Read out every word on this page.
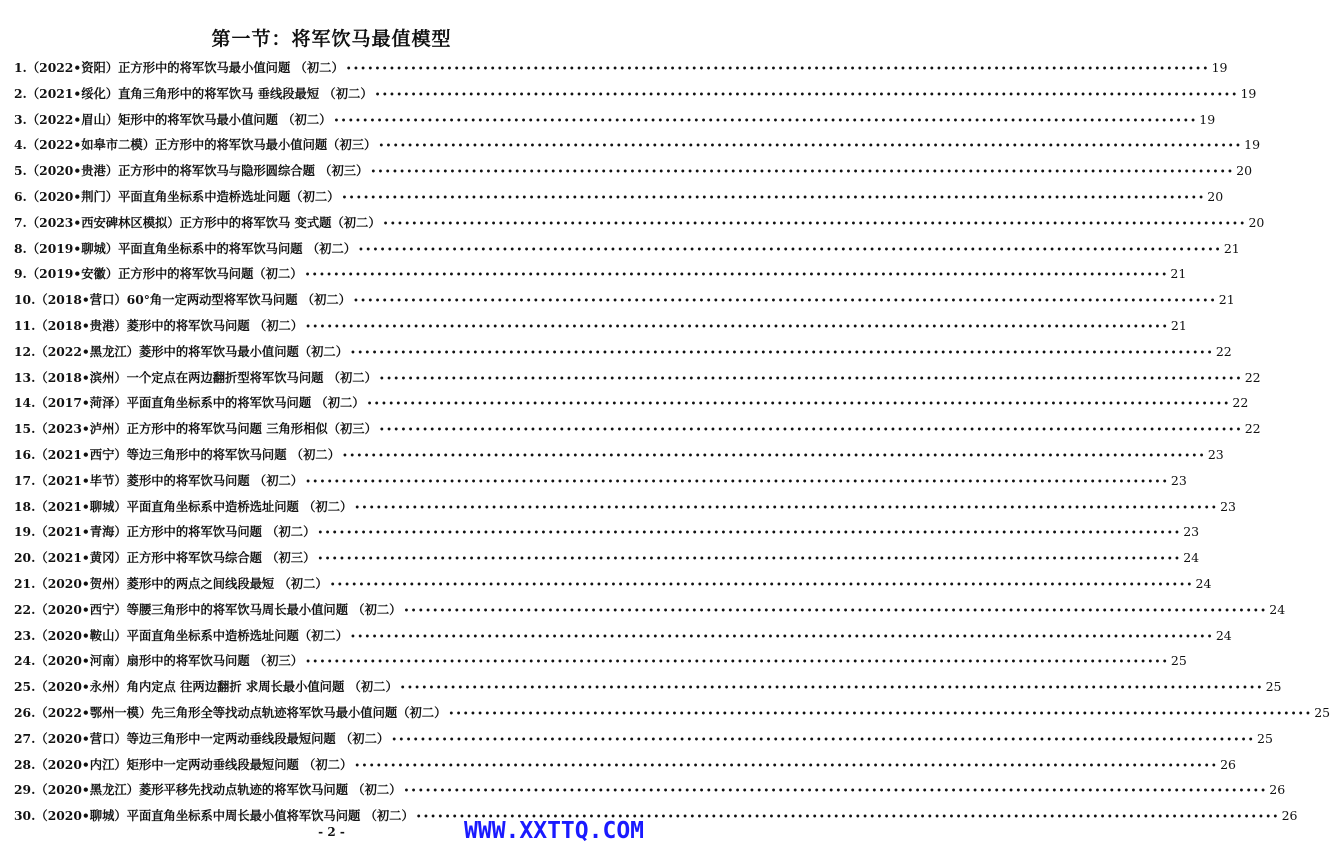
第一节：将军饮马最值模型
1.（2022•资阳）正方形中的将军饮马最小值问题 （初二） •••••••••••••••••••••••••••••••••••••••••••••••••••••••••••••••••••••••••••••••••••••••••••••••••••••••••••••••••••••••• 19
2.（2021•绥化）直角三角形中的将军饮马 垂线段最短 （初二） •••••••••••••••••••••••••••••••••••••••••••••••••••••••••••••••••••••••••••••••••••••••••••••••••••••••••••••••••••••••• 19
3.（2022•眉山）矩形中的将军饮马最小值问题 （初二） •••••••••••••••••••••••••••••••••••••••••••••••••••••••••••••••••••••••••••••••••••••••••••••••••••••••••••••••••••••••• 19
4.（2022•如皋市二模）正方形中的将军饮马最小值问题（初三） •••••••••••••••••••••••••••••••••••••••••••••••••••••••••••••••••••••••••••••••••••••••••••••••••••••••••••••••••••••••• 19
5.（2020•贵港）正方形中的将军饮马与隐形圆综合题 （初三） •••••••••••••••••••••••••••••••••••••••••••••••••••••••••••••••••••••••••••••••••••••••••••••••••••••••••••••••••••••••• 20
6.（2020•荆门）平面直角坐标系中造桥选址问题（初二） •••••••••••••••••••••••••••••••••••••••••••••••••••••••••••••••••••••••••••••••••••••••••••••••••••••••••••••••••••••••• 20
7.（2023•西安碑林区模拟）正方形中的将军饮马 变式题（初二） •••••••••••••••••••••••••••••••••••••••••••••••••••••••••••••••••••••••••••••••••••••••••••••••••••••••••••••••••••••••• 20
8.（2019•聊城）平面直角坐标系中的将军饮马问题 （初二） •••••••••••••••••••••••••••••••••••••••••••••••••••••••••••••••••••••••••••••••••••••••••••••••••••••••••••••••••••••••• 21
9.（2019•安徽）正方形中的将军饮马问题（初二） •••••••••••••••••••••••••••••••••••••••••••••••••••••••••••••••••••••••••••••••••••••••••••••••••••••••••••••••••••••••• 21
10.（2018•营口）60°角一定两动型将军饮马问题 （初二） •••••••••••••••••••••••••••••••••••••••••••••••••••••••••••••••••••••••••••••••••••••••••••••••••••••••••••••••••••••••• 21
11.（2018•贵港）菱形中的将军饮马问题 （初二） •••••••••••••••••••••••••••••••••••••••••••••••••••••••••••••••••••••••••••••••••••••••••••••••••••••••••••••••••••••••• 21
12.（2022•黑龙江）菱形中的将军饮马最小值问题（初二） •••••••••••••••••••••••••••••••••••••••••••••••••••••••••••••••••••••••••••••••••••••••••••••••••••••••••••••••••••••••• 22
13.（2018•滨州）一个定点在两边翻折型将军饮马问题 （初二） •••••••••••••••••••••••••••••••••••••••••••••••••••••••••••••••••••••••••••••••••••••••••••••••••••••••••••••••••••••••• 22
14.（2017•菏泽）平面直角坐标系中的将军饮马问题 （初二） •••••••••••••••••••••••••••••••••••••••••••••••••••••••••••••••••••••••••••••••••••••••••••••••••••••••••••••••••••••••• 22
15.（2023•泸州）正方形中的将军饮马问题 三角形相似（初三） •••••••••••••••••••••••••••••••••••••••••••••••••••••••••••••••••••••••••••••••••••••••••••••••••••••••••••••••••••••••• 22
16.（2021•西宁）等边三角形中的将军饮马问题 （初二） •••••••••••••••••••••••••••••••••••••••••••••••••••••••••••••••••••••••••••••••••••••••••••••••••••••••••••••••••••••••• 23
17.（2021•毕节）菱形中的将军饮马问题 （初二） •••••••••••••••••••••••••••••••••••••••••••••••••••••••••••••••••••••••••••••••••••••••••••••••••••••••••••••••••••••••• 23
18.（2021•聊城）平面直角坐标系中造桥选址问题 （初二） •••••••••••••••••••••••••••••••••••••••••••••••••••••••••••••••••••••••••••••••••••••••••••••••••••••••••••••••••••••••• 23
19.（2021•青海）正方形中的将军饮马问题 （初二） •••••••••••••••••••••••••••••••••••••••••••••••••••••••••••••••••••••••••••••••••••••••••••••••••••••••••••••••••••••••• 23
20.（2021•黄冈）正方形中将军饮马综合题 （初三） •••••••••••••••••••••••••••••••••••••••••••••••••••••••••••••••••••••••••••••••••••••••••••••••••••••••••••••••••••••••• 24
21.（2020•贺州）菱形中的两点之间线段最短 （初二） •••••••••••••••••••••••••••••••••••••••••••••••••••••••••••••••••••••••••••••••••••••••••••••••••••••••••••••••••••••••• 24
22.（2020•西宁）等腰三角形中的将军饮马周长最小值问题 （初二） •••••••••••••••••••••••••••••••••••••••••••••••••••••••••••••••••••••••••••••••••••••••••••••••••••••••••••••••••••••••• 24
23.（2020•鞍山）平面直角坐标系中造桥选址问题（初二） •••••••••••••••••••••••••••••••••••••••••••••••••••••••••••••••••••••••••••••••••••••••••••••••••••••••••••••••••••••••• 24
24.（2020•河南）扇形中的将军饮马问题 （初三） •••••••••••••••••••••••••••••••••••••••••••••••••••••••••••••••••••••••••••••••••••••••••••••••••••••••••••••••••••••••• 25
25.（2020•永州）角内定点 往两边翻折 求周长最小值问题 （初二） •••••••••••••••••••••••••••••••••••••••••••••••••••••••••••••••••••••••••••••••••••••••••••••••••••••••••••••••••••••••• 25
26.（2022•鄂州一模）先三角形全等找动点轨迹将军饮马最小值问题（初二） •••••••••••••••••••••••••••••••••••••••••••••••••••••••••••••••••••••••••••••••••••••••••••••••••••••••••••••••••••••••• 25
27.（2020•营口）等边三角形中一定两动垂线段最短问题 （初二） •••••••••••••••••••••••••••••••••••••••••••••••••••••••••••••••••••••••••••••••••••••••••••••••••••••••••••••••••••••••• 25
28.（2020•内江）矩形中一定两动垂线段最短问题 （初二） •••••••••••••••••••••••••••••••••••••••••••••••••••••••••••••••••••••••••••••••••••••••••••••••••••••••••••••••••••••••• 26
29.（2020•黑龙江）菱形平移先找动点轨迹的将军饮马问题 （初二） •••••••••••••••••••••••••••••••••••••••••••••••••••••••••••••••••••••••••••••••••••••••••••••••••••••••••••••••••••••••• 26
30.（2020•聊城）平面直角坐标系中周长最小值将军饮马问题 （初二） •••••••••••••••••••••••••••••••••••••••••••••••••••••••••••••••••••••••••••••••••••••••••••••••••••••••••••••••••••••••• 26
- 2 -	WWW.XXTTQ.COM
